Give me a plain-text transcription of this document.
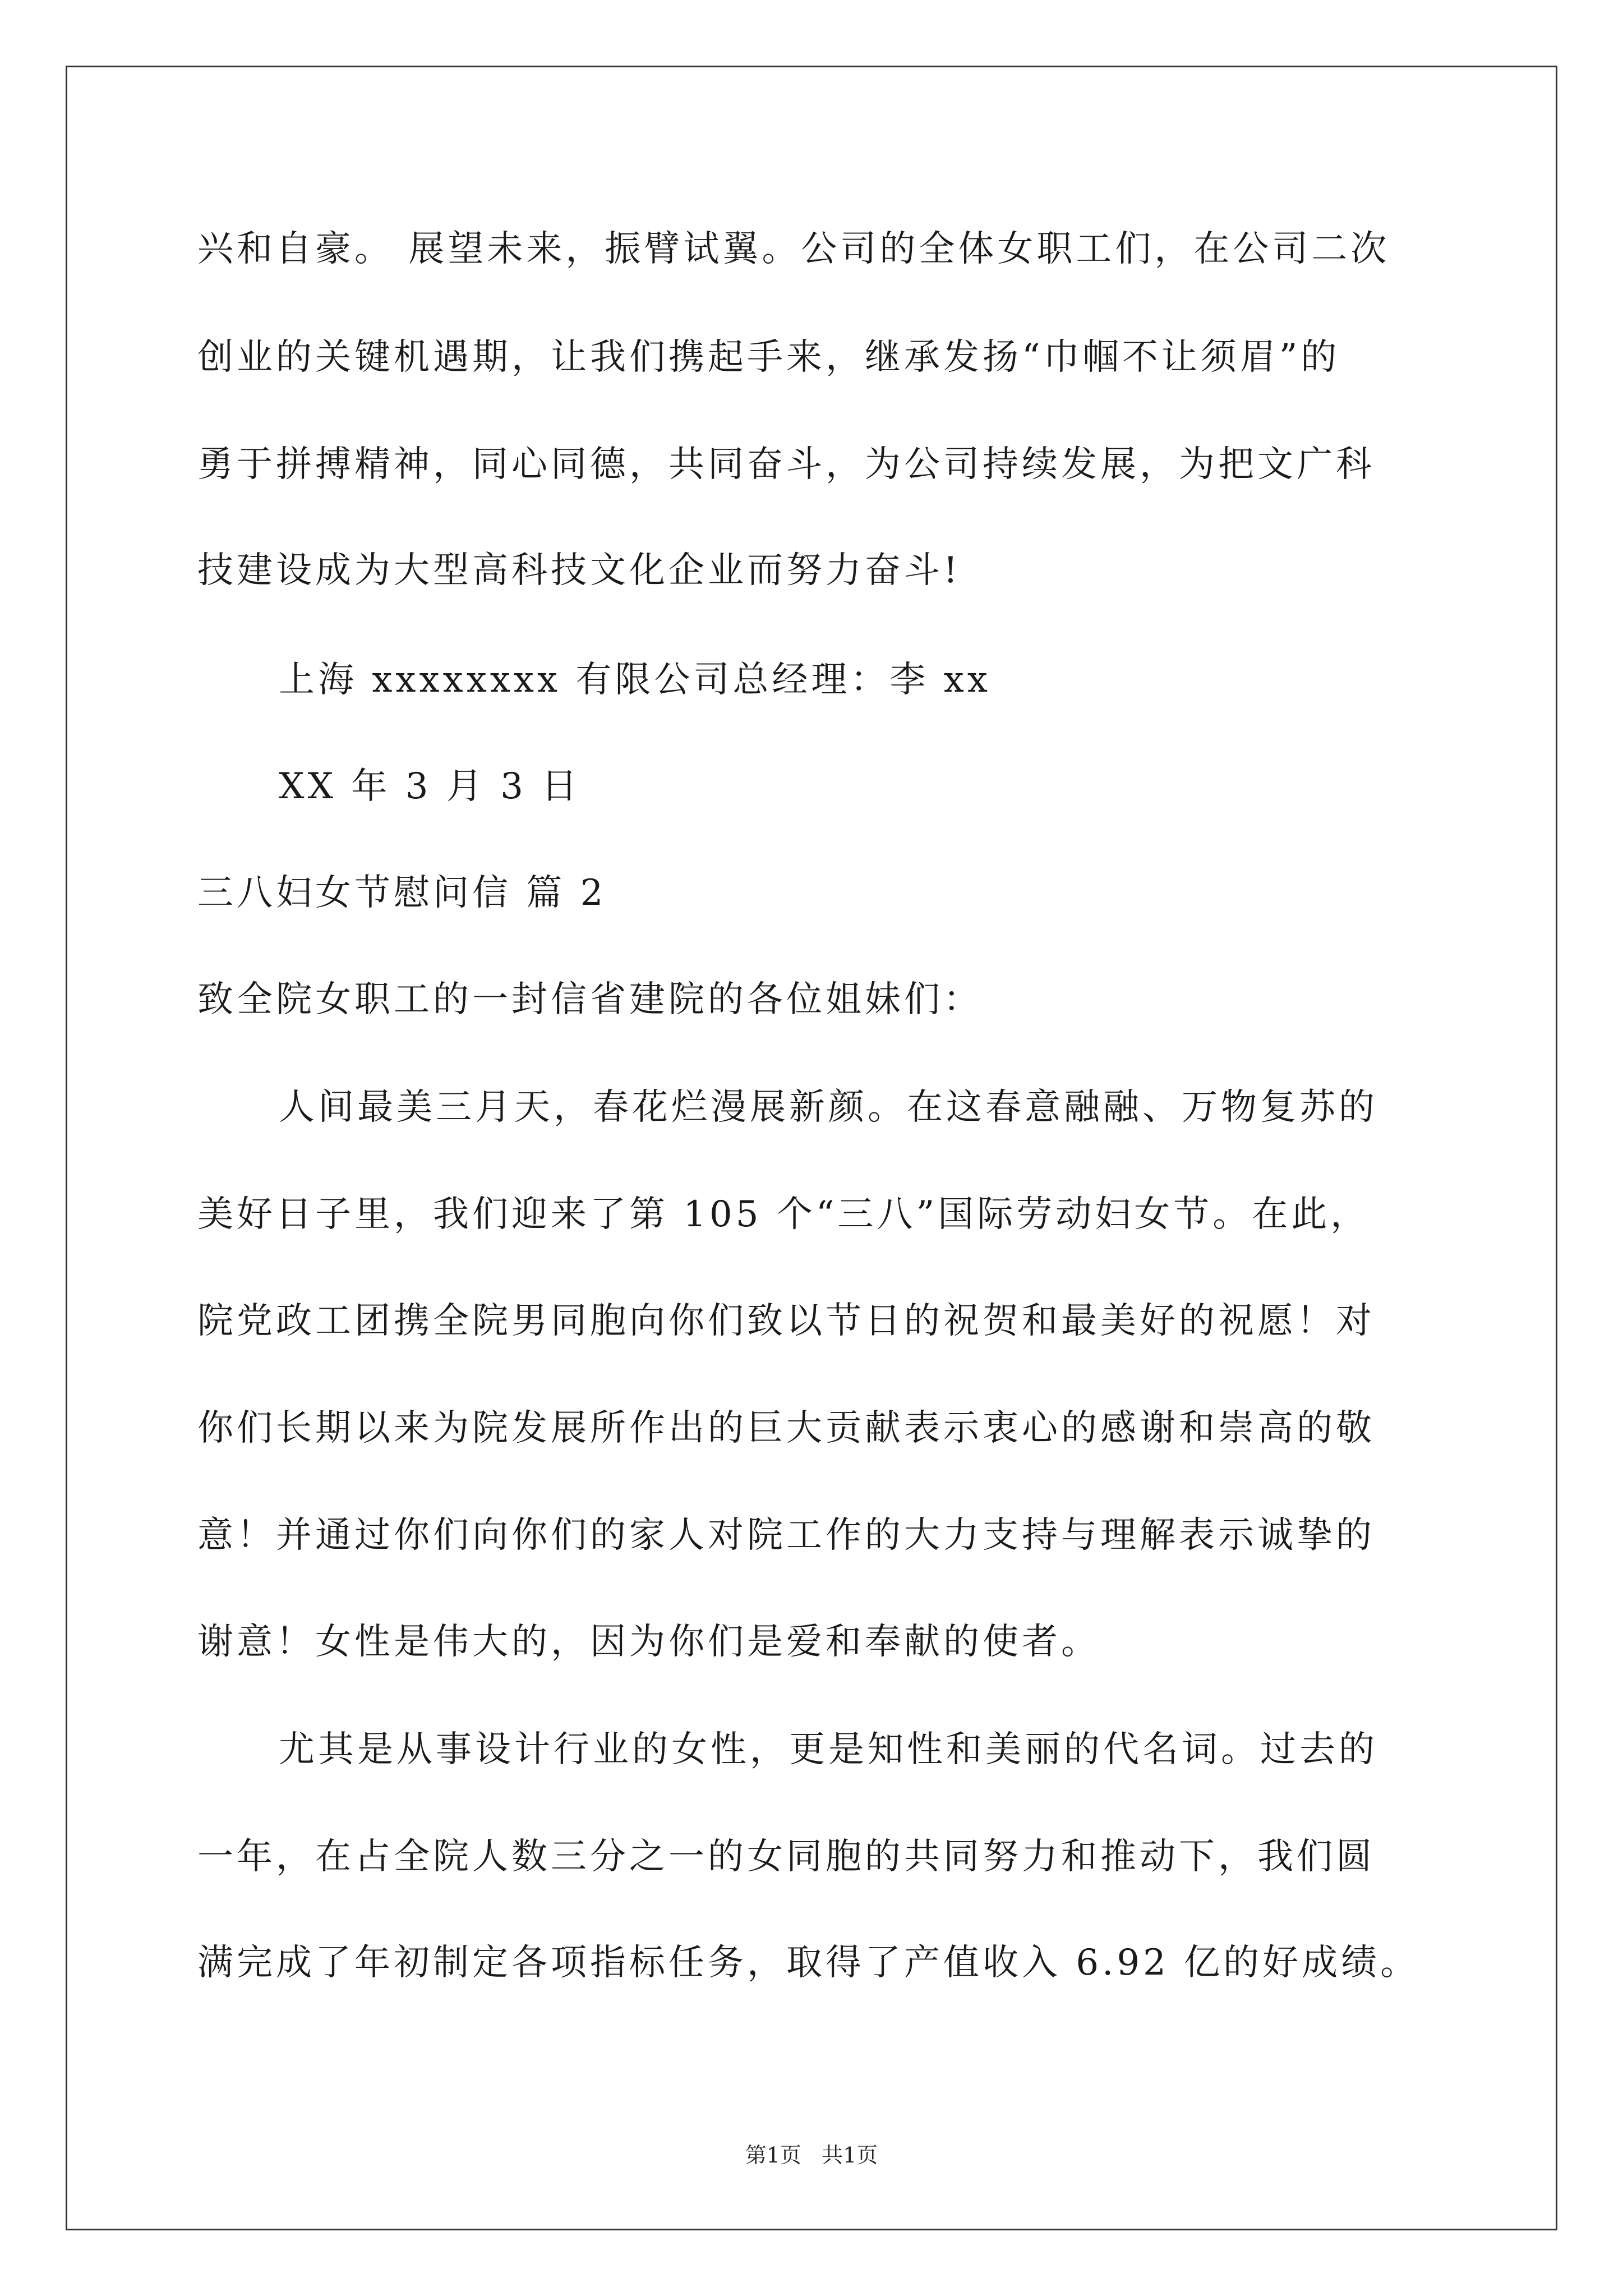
兴和自豪。 展望未来，振臂试翼。公司的全体女职工们，在公司二次
创业的关键机遇期，让我们携起手来，继承发扬“巾帼不让须眉”的
勇于拼搏精神，同心同德，共同奋斗，为公司持续发展，为把文广科
技建设成为大型高科技文化企业而努力奋斗!
上海 xxxxxxxx 有限公司总经理：李 xx
XX 年 3 月 3 日
三八妇女节慰问信 篇 2
致全院女职工的一封信省建院的各位姐妹们：
人间最美三月天，春花烂漫展新颜。在这春意融融、万物复苏的
美好日子里，我们迎来了第 105 个“三八”国际劳动妇女节。在此，
院党政工团携全院男同胞向你们致以节日的祝贺和最美好的祝愿！对
你们长期以来为院发展所作出的巨大贡献表示衷心的感谢和崇高的敬
意！并通过你们向你们的家人对院工作的大力支持与理解表示诚挚的
谢意！女性是伟大的，因为你们是爱和奉献的使者。
尤其是从事设计行业的女性，更是知性和美丽的代名词。过去的
一年，在占全院人数三分之一的女同胞的共同努力和推动下，我们圆
满完成了年初制定各项指标任务，取得了产值收入 6.92 亿的好成绩。
第1页   共1页
